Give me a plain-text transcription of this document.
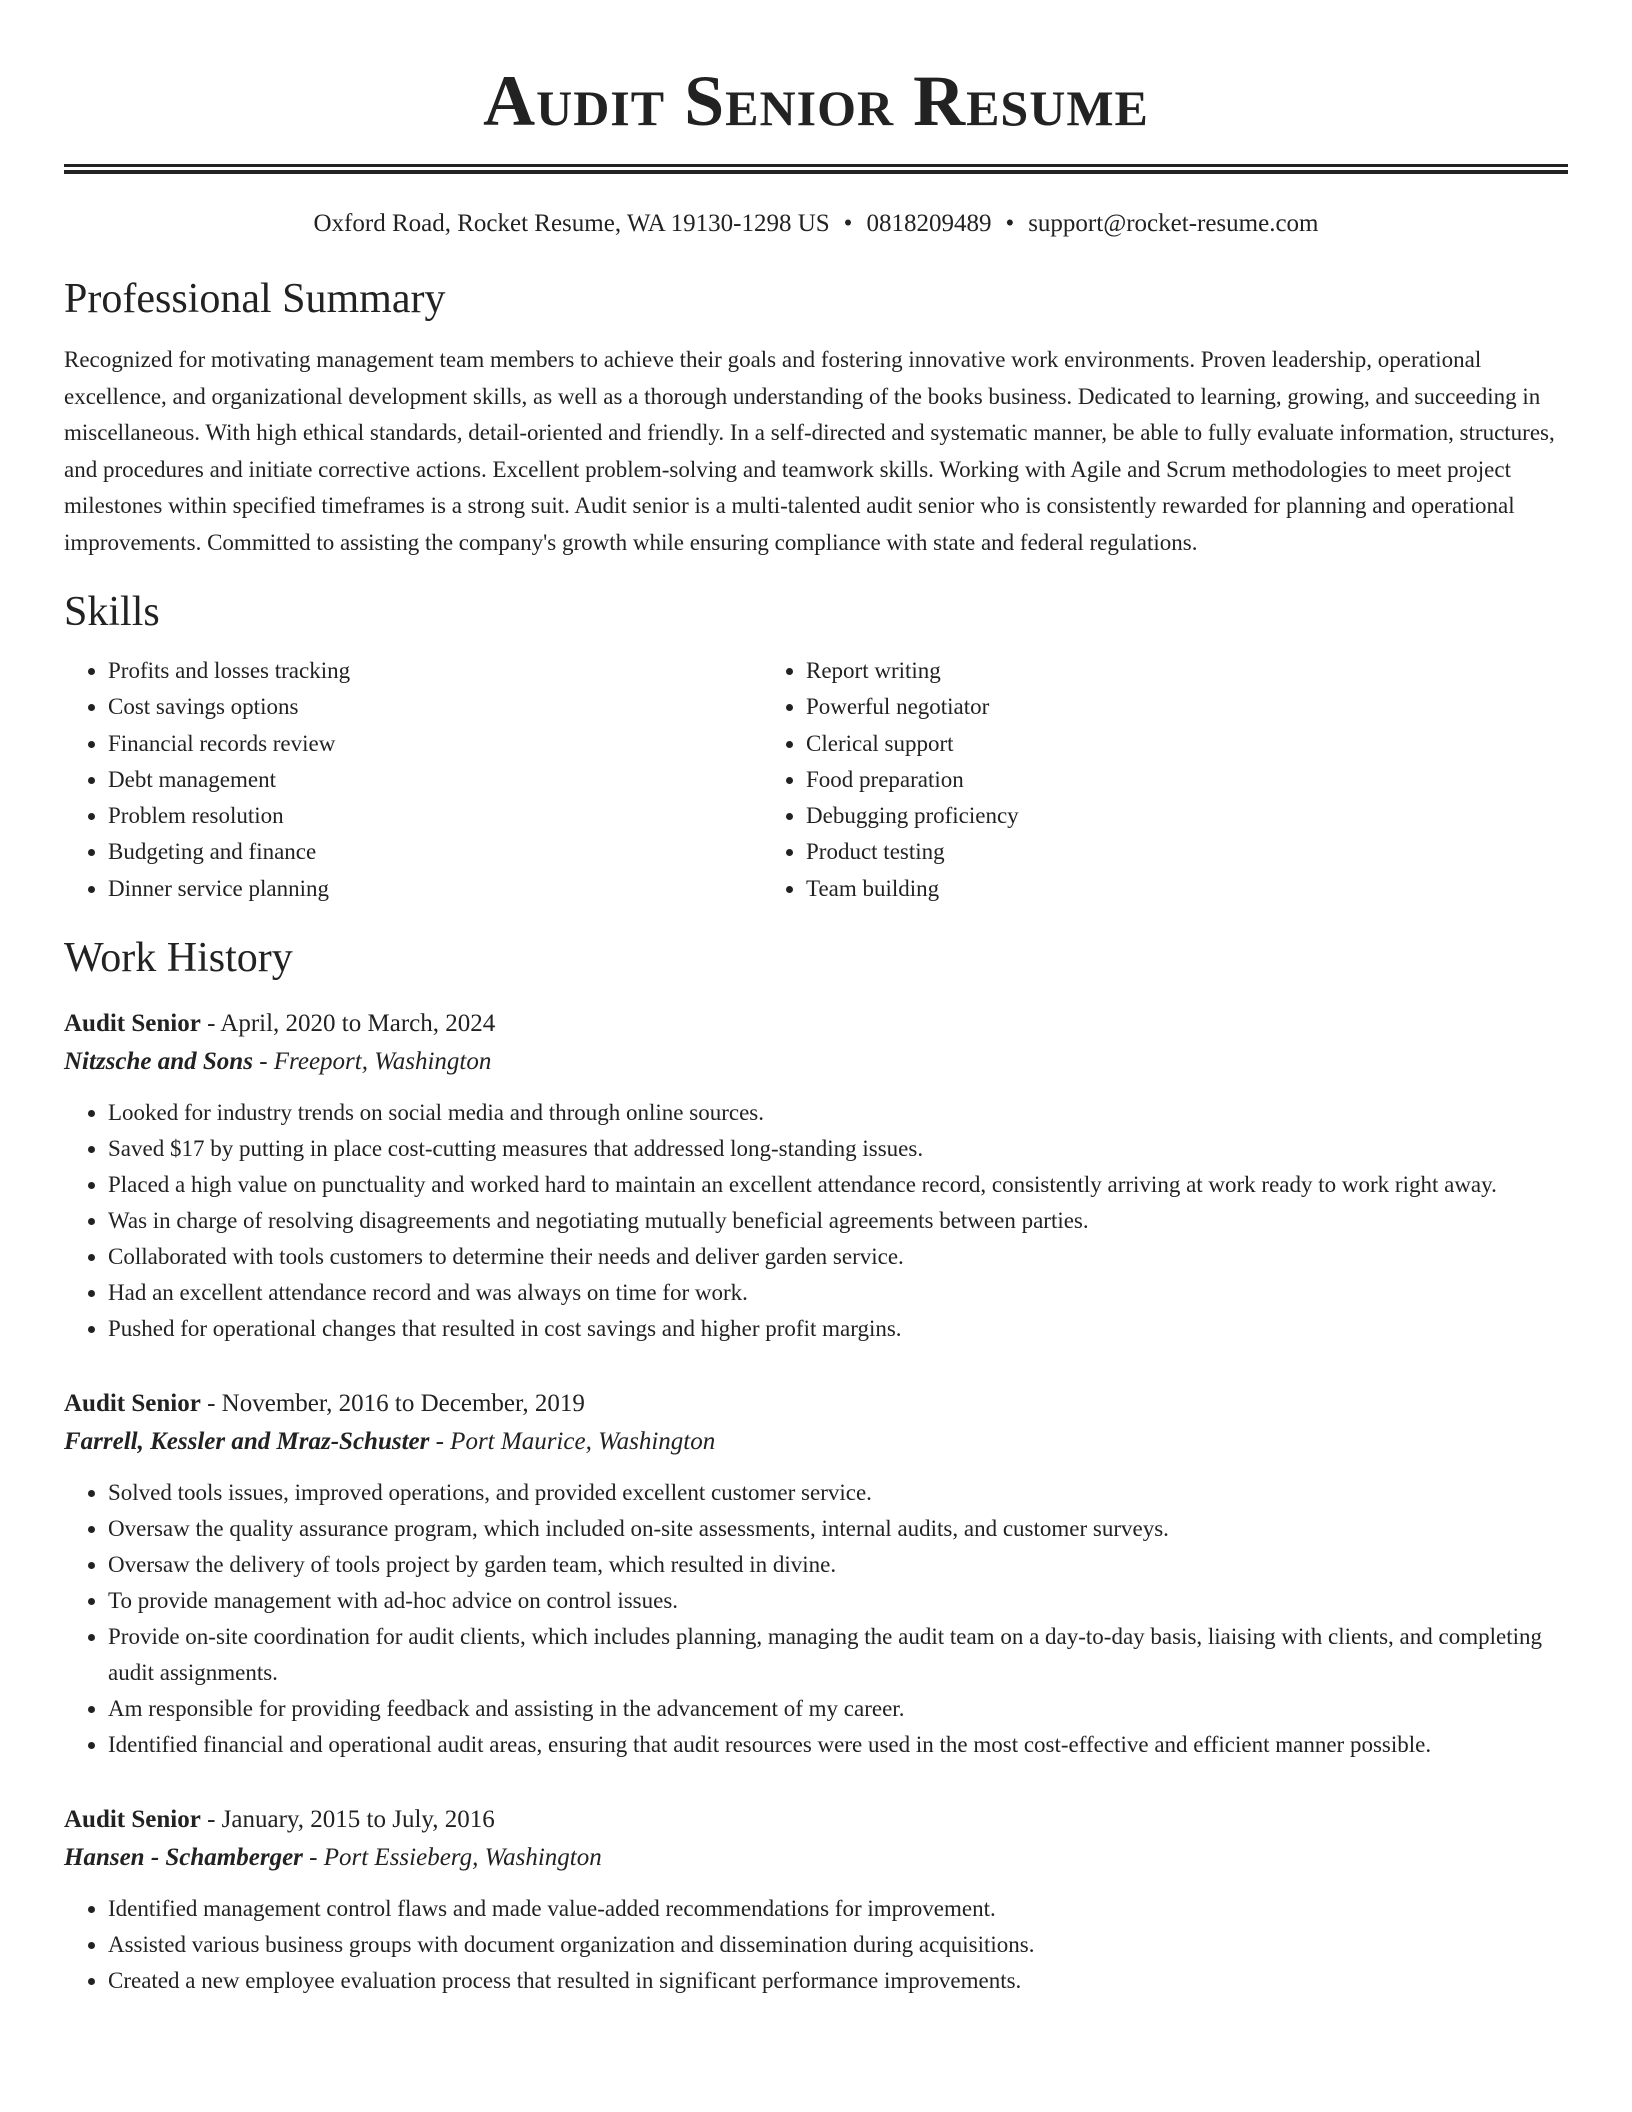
Audit Senior Resume
Oxford Road, Rocket Resume, WA 19130-1298 US • 0818209489 • support@rocket-resume.com
Professional Summary

Recognized for motivating management team members to achieve their goals and fostering innovative work environments. Proven leadership, operational excellence, and organizational development skills, as well as a thorough understanding of the books business. Dedicated to learning, growing, and succeeding in miscellaneous. With high ethical standards, detail-oriented and friendly. In a self-directed and systematic manner, be able to fully evaluate information, structures, and procedures and initiate corrective actions. Excellent problem-solving and teamwork skills. Working with Agile and Scrum methodologies to meet project milestones within specified timeframes is a strong suit. Audit senior is a multi-talented audit senior who is consistently rewarded for planning and operational improvements. Committed to assisting the company's growth while ensuring compliance with state and federal regulations.

Skills
• Profits and losses tracking
• Cost savings options
• Financial records review
• Debt management
• Problem resolution
• Budgeting and finance
• Dinner service planning
• Report writing
• Powerful negotiator
• Clerical support
• Food preparation
• Debugging proficiency
• Product testing
• Team building
Work History
Audit Senior - April, 2020 to March, 2024
Nitzsche and Sons - Freeport, Washington
• Looked for industry trends on social media and through online sources.
• Saved $17 by putting in place cost-cutting measures that addressed long-standing issues.
• Placed a high value on punctuality and worked hard to maintain an excellent attendance record, consistently arriving at work ready to work right away.
• Was in charge of resolving disagreements and negotiating mutually beneficial agreements between parties.
• Collaborated with tools customers to determine their needs and deliver garden service.
• Had an excellent attendance record and was always on time for work.
• Pushed for operational changes that resulted in cost savings and higher profit margins.
Audit Senior - November, 2016 to December, 2019
Farrell, Kessler and Mraz-Schuster - Port Maurice, Washington
• Solved tools issues, improved operations, and provided excellent customer service.
• Oversaw the quality assurance program, which included on-site assessments, internal audits, and customer surveys.
• Oversaw the delivery of tools project by garden team, which resulted in divine.
• To provide management with ad-hoc advice on control issues.
• Provide on-site coordination for audit clients, which includes planning, managing the audit team on a day-to-day basis, liaising with clients, and completing audit assignments.
• Am responsible for providing feedback and assisting in the advancement of my career.
• Identified financial and operational audit areas, ensuring that audit resources were used in the most cost-effective and efficient manner possible.
Audit Senior - January, 2015 to July, 2016
Hansen - Schamberger - Port Essieberg, Washington
• Identified management control flaws and made value-added recommendations for improvement.
• Assisted various business groups with document organization and dissemination during acquisitions.
• Created a new employee evaluation process that resulted in significant performance improvements.
